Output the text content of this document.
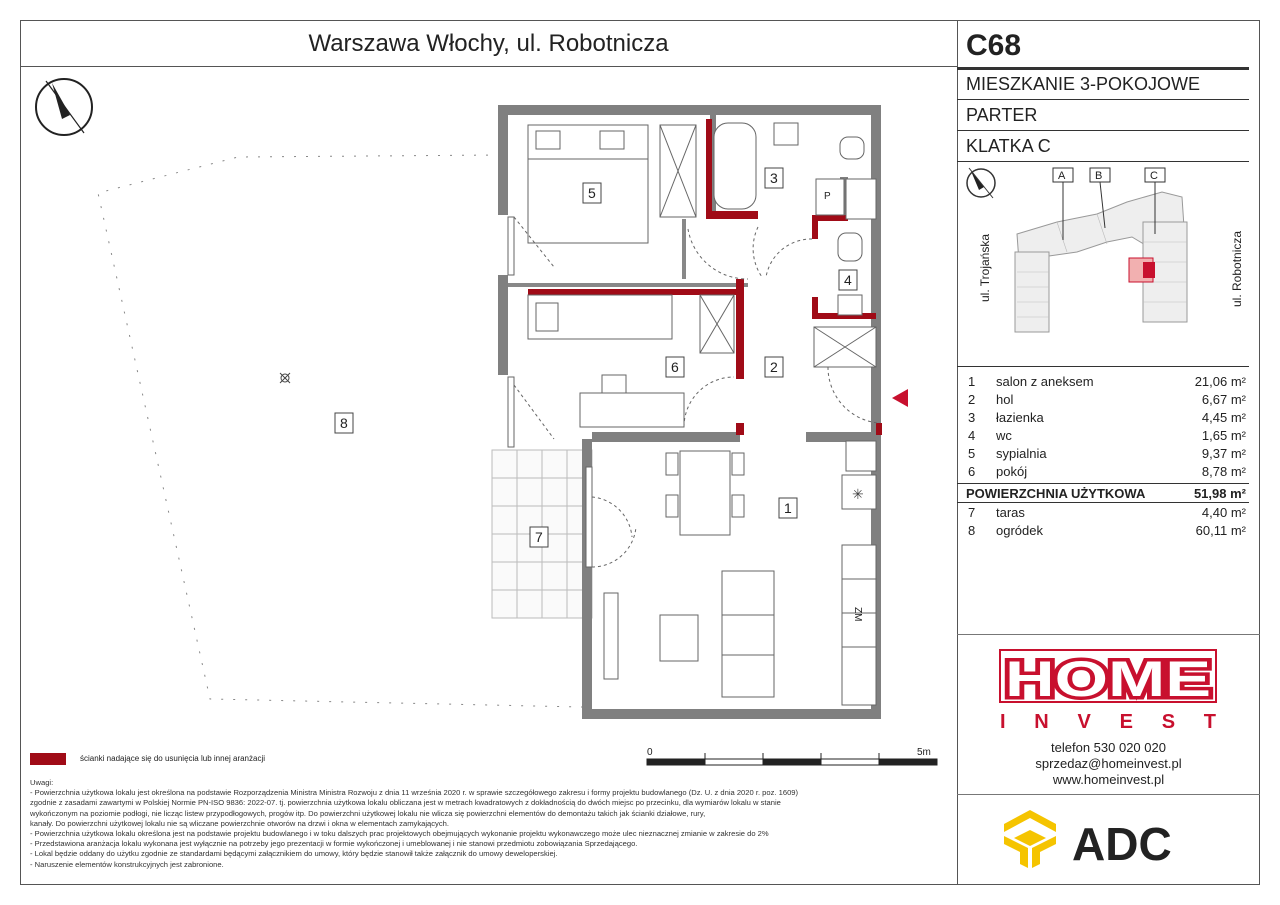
Warszawa Włochy, ul. Robotnicza	C68
MIESZKANIE 3-POKOJOWE
PARTER
KLATKA C
A	B	C
ul. Trojańska	ul. Robotnicza
1 salon z aneksem	21,06 m²
2 hol	6,67 m²
3 łazienka	4,45 m²
4 wc	1,65 m²
5 sypialnia	9,37 m²
6 pokój	8,78 m²
POWIERZCHNIA UŻYTKOWA	51,98 m²
7 taras	4,40 m²
8 ogródek	60,11 m²
HOME
I N V E S T
telefon 530 020 020
sprzedaz@homeinvest.pl
www.homeinvest.pl
ADC
5
3
4
6	2
1
7
8
P
ZM
✳
0	5m
ścianki nadające się do usunięcia lub innej aranżacji
Uwagi:
- Powierzchnia użytkowa lokalu jest określona na podstawie Rozporządzenia Ministra Ministra Rozwoju z dnia 11 września 2020 r. w sprawie szczegółowego zakresu i formy projektu budowlanego (Dz. U. z dnia 2020 r. poz. 1609)
zgodnie z zasadami zawartymi w Polskiej Normie PN-ISO 9836: 2022-07. tj. powierzchnia użytkowa lokalu obliczana jest w metrach kwadratowych z dokładnością do dwóch miejsc po przecinku, dla wymiarów lokalu w stanie
wykończonym na poziomie podłogi, nie licząc listew przypodłogowych, progów itp. Do powierzchni użytkowej lokalu nie wlicza się powierzchni elementów do demontażu takich jak ścianki działowe, rury,
kanały. Do powierzchni użytkowej lokalu nie są wliczane powierzchnie otworów na drzwi i okna w elementach zamykających.
- Powierzchnia użytkowa lokalu określona jest na podstawie projektu budowlanego i w toku dalszych prac projektowych obejmujących wykonanie projektu wykonawczego może ulec nieznacznej zmianie w zakresie do 2%
- Przedstawiona aranżacja lokalu wykonana jest wyłącznie na potrzeby jego prezentacji w formie wykończonej i umeblowanej i nie stanowi przedmiotu zobowiązania Sprzedającego.
- Lokal będzie oddany do użytku zgodnie ze standardami będącymi załącznikiem do umowy, który będzie stanowił także załącznik do umowy deweloperskiej.
- Naruszenie elementów konstrukcyjnych jest zabronione.
